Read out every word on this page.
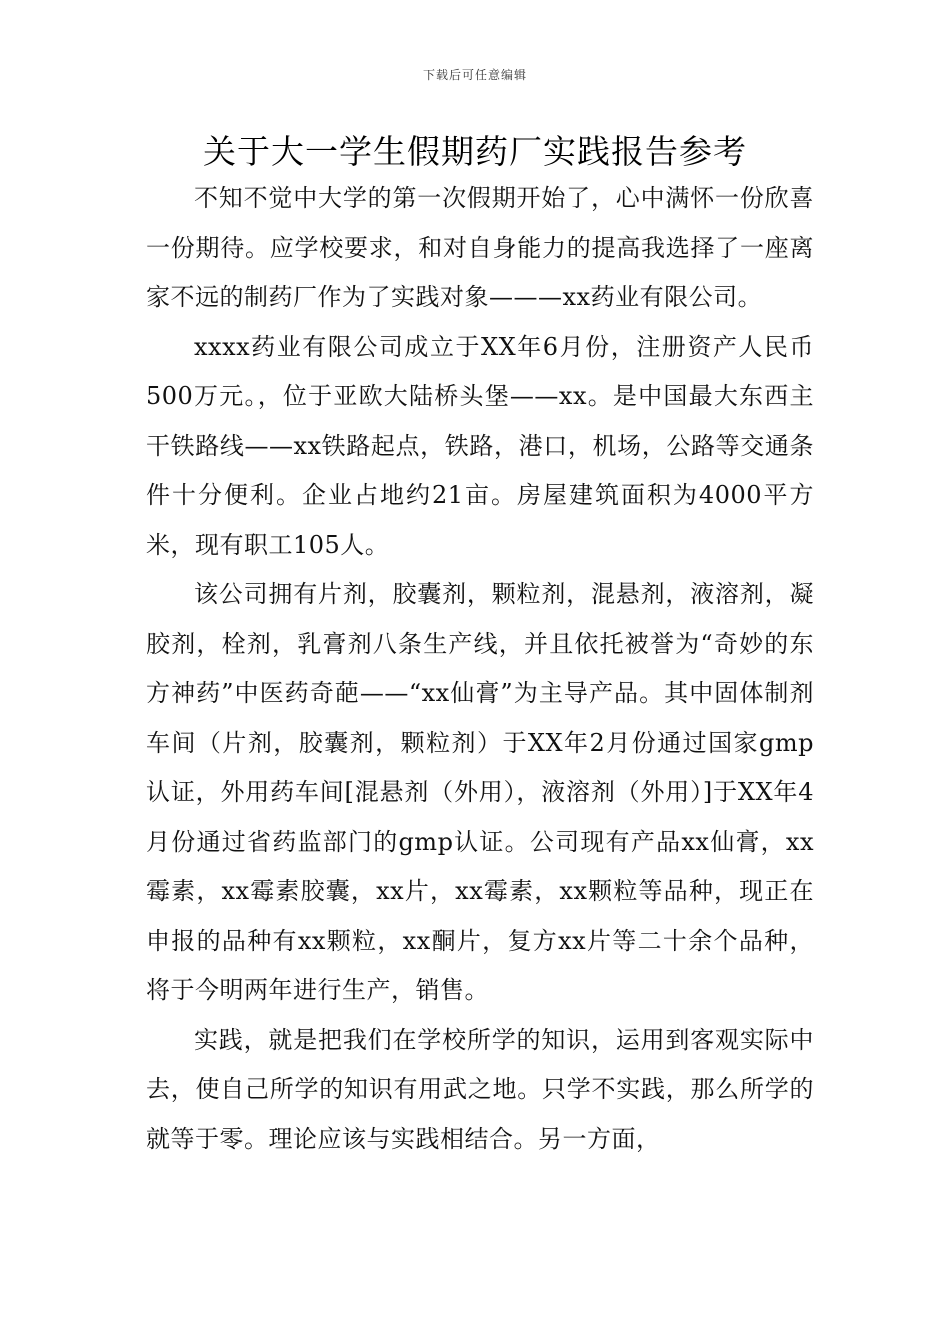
下载后可任意编辑
关于大一学生假期药厂实践报告参考

不知不觉中大学的第一次假期开始了，心中满怀一份欣喜一份期待。应学校要求，和对自身能力的提高我选择了一座离家不远的制药厂作为了实践对象———xx药业有限公司。

xxxx药业有限公司成立于XX年6月份，注册资产人民币500万元。，位于亚欧大陆桥头堡——xx。是中国最大东西主干铁路线——xx铁路起点，铁路，港口，机场，公路等交通条件十分便利。企业占地约21亩。房屋建筑面积为4000平方米，现有职工105人。

该公司拥有片剂，胶囊剂，颗粒剂，混悬剂，液溶剂，凝胶剂，栓剂，乳膏剂八条生产线，并且依托被誉为“奇妙的东方神药”中医药奇葩——“xx仙膏”为主导产品。其中固体制剂车间（片剂，胶囊剂，颗粒剂）于XX年2月份通过国家gmp认证，外用药车间[混悬剂（外用），液溶剂（外用）]于XX年4月份通过省药监部门的gmp认证。公司现有产品xx仙膏，xx霉素，xx霉素胶囊，xx片，xx霉素，xx颗粒等品种，现正在申报的品种有xx颗粒，xx酮片，复方xx片等二十余个品种，将于今明两年进行生产，销售。

实践，就是把我们在学校所学的知识，运用到客观实际中去，使自己所学的知识有用武之地。只学不实践，那么所学的就等于零。理论应该与实践相结合。另一方面，
